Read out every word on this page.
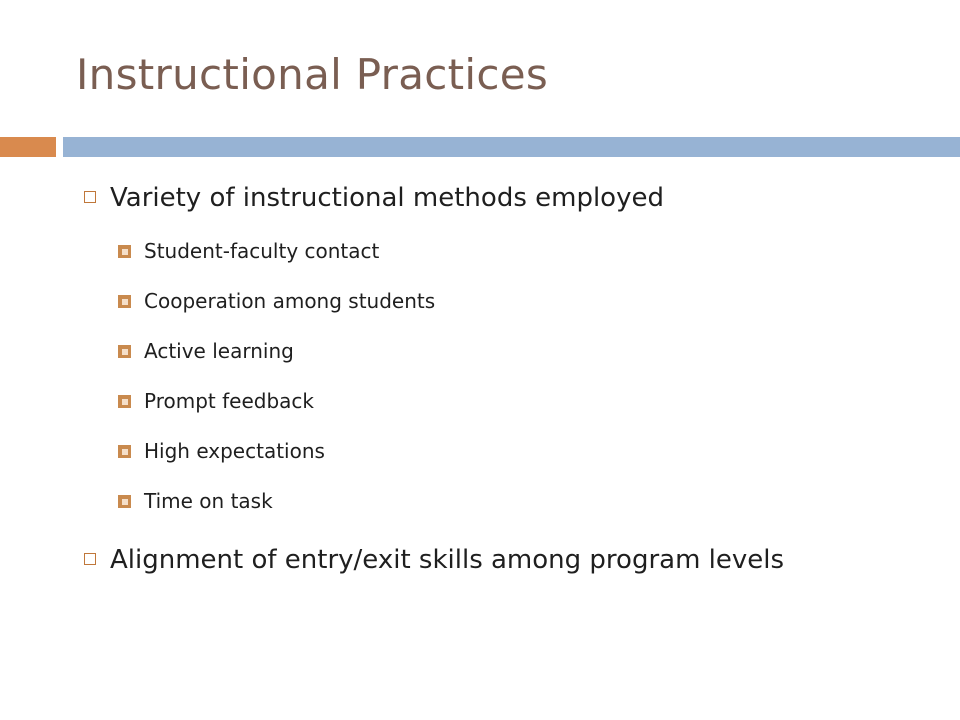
Instructional Practices
Variety of instructional methods employed
Student-faculty contact
Cooperation among students
Active learning
Prompt feedback
High expectations
Time on task
Alignment of entry/exit skills among program levels
